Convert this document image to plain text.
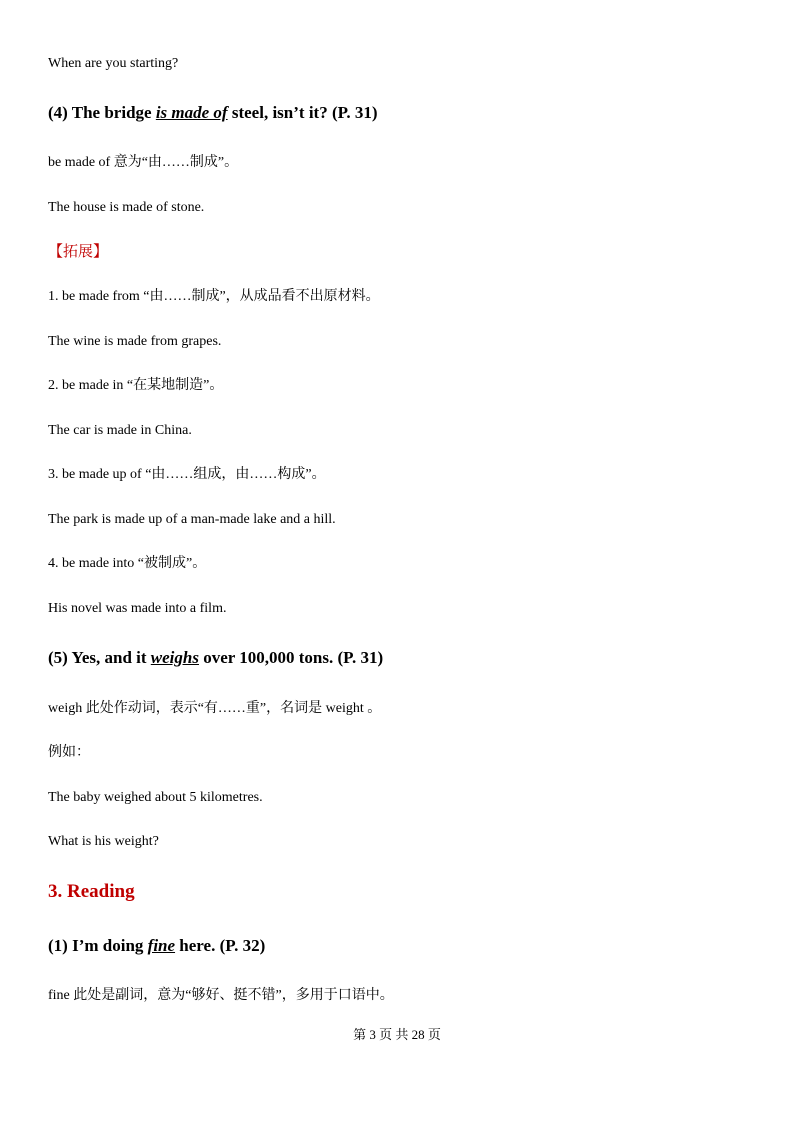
When are you starting?
(4) The bridge is made of steel, isn’t it? (P. 31)
be made of 意为“由……制成”。
The house is made of stone.
【拓展】
1. be made from “由……制成”，从成品看不出原材料。
The wine is made from grapes.
2. be made in “在某地制造”。
The car is made in China.
3. be made up of “由……组成，由……构成”。
The park is made up of a man-made lake and a hill.
4. be made into “被制成”。
His novel was made into a film.
(5) Yes, and it weighs over 100,000 tons. (P. 31)
weigh 此处作动词，表示“有……重”，名词是 weight 。
例如：
The baby weighed about 5 kilometres.
What is his weight?
3. Reading
(1) I’m doing fine here. (P. 32)
fine 此处是副词，意为“够好、挺不错”，多用于口语中。
第 3 页 共 28 页
